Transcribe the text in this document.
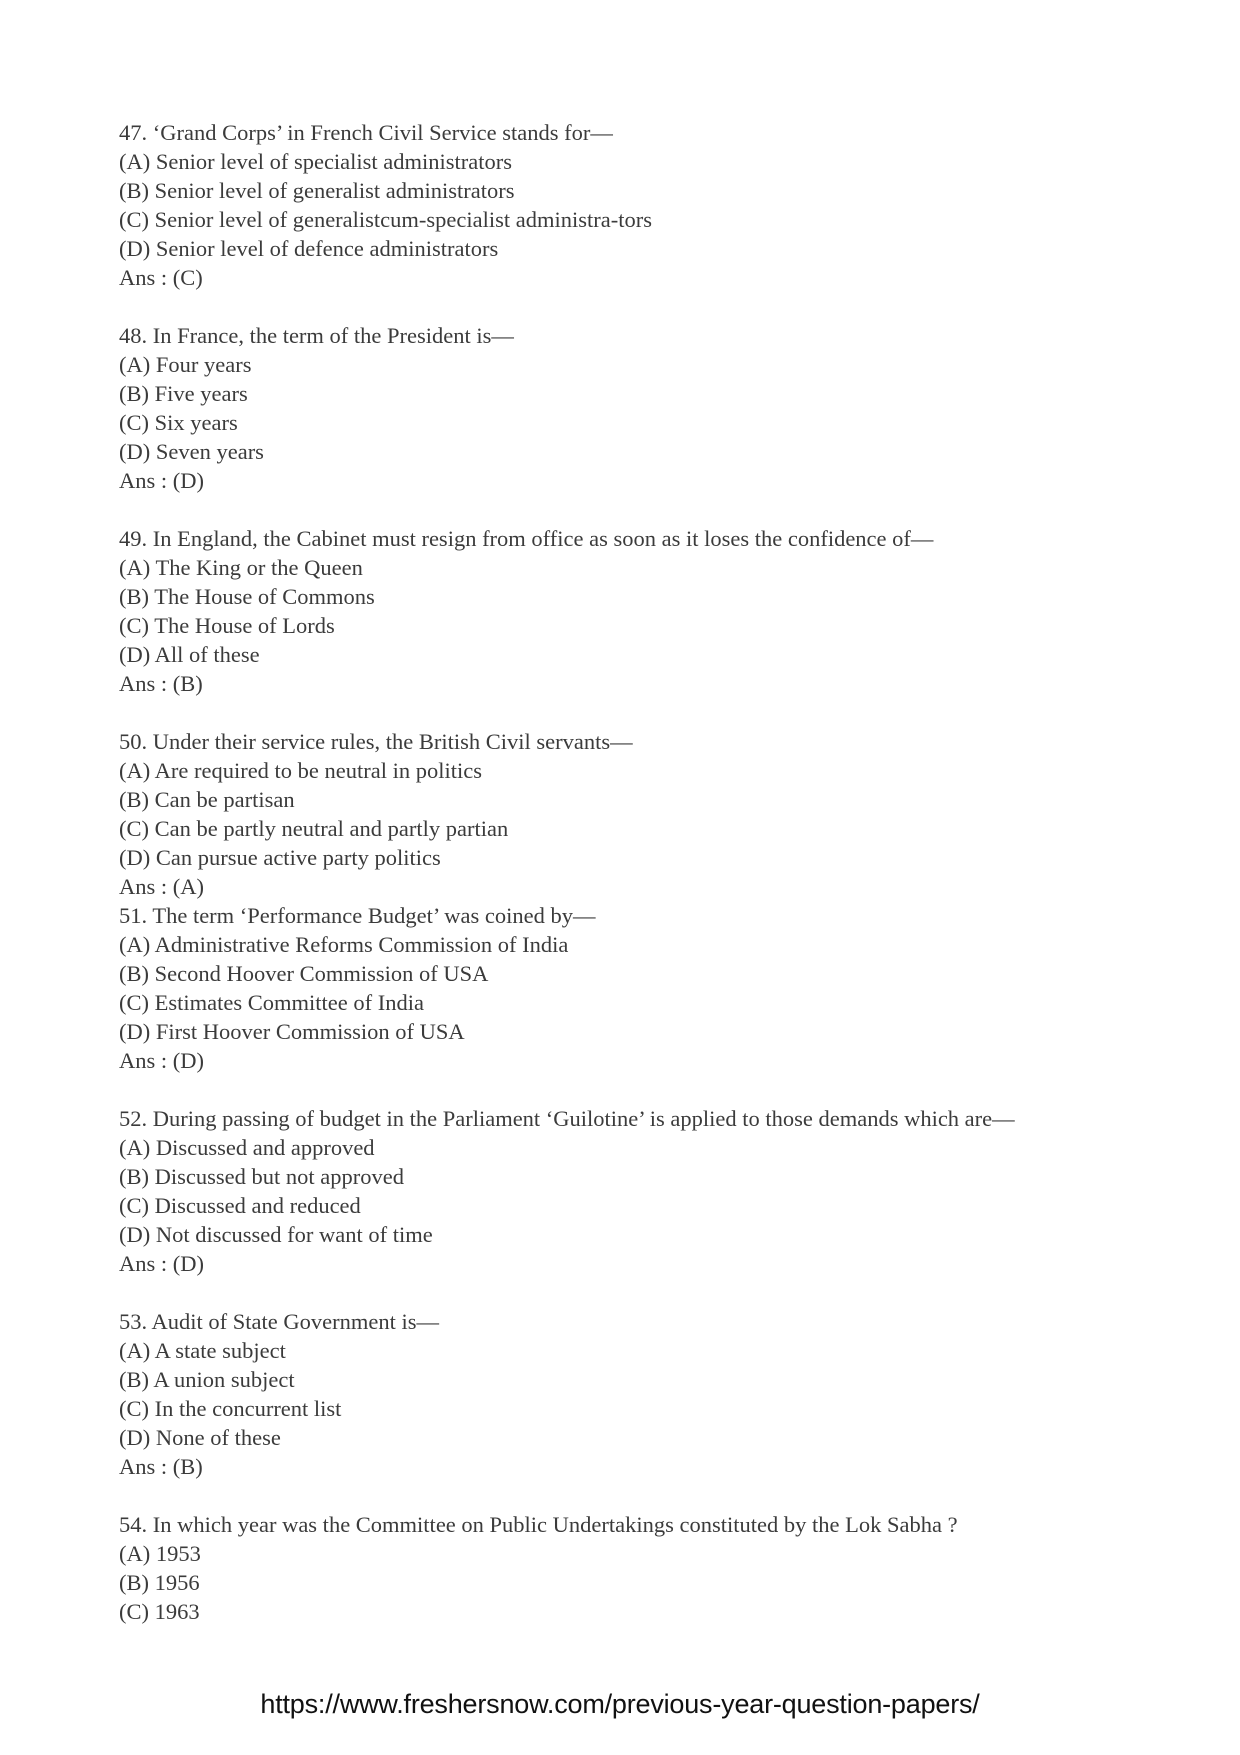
47. ‘Grand Corps’ in French Civil Service stands for—
(A) Senior level of specialist administrators
(B) Senior level of generalist administrators
(C) Senior level of generalistcum-specialist administra-tors
(D) Senior level of defence administrators
Ans : (C)
48. In France, the term of the President is—
(A) Four years
(B) Five years
(C) Six years
(D) Seven years
Ans : (D)
49. In England, the Cabinet must resign from office as soon as it loses the confidence of—
(A) The King or the Queen
(B) The House of Commons
(C) The House of Lords
(D) All of these
Ans : (B)
50. Under their service rules, the British Civil servants—
(A) Are required to be neutral in politics
(B) Can be partisan
(C) Can be partly neutral and partly partian
(D) Can pursue active party politics
Ans : (A)
51. The term ‘Performance Budget’ was coined by—
(A) Administrative Reforms Commission of India
(B) Second Hoover Commission of USA
(C) Estimates Committee of India
(D) First Hoover Commission of USA
Ans : (D)
52. During passing of budget in the Parliament ‘Guilotine’ is applied to those demands which are—
(A) Discussed and approved
(B) Discussed but not approved
(C) Discussed and reduced
(D) Not discussed for want of time
Ans : (D)
53. Audit of State Government is—
(A) A state subject
(B) A union subject
(C) In the concurrent list
(D) None of these
Ans : (B)
54. In which year was the Committee on Public Undertakings constituted by the Lok Sabha ?
(A) 1953
(B) 1956
(C) 1963
https://www.freshersnow.com/previous-year-question-papers/
